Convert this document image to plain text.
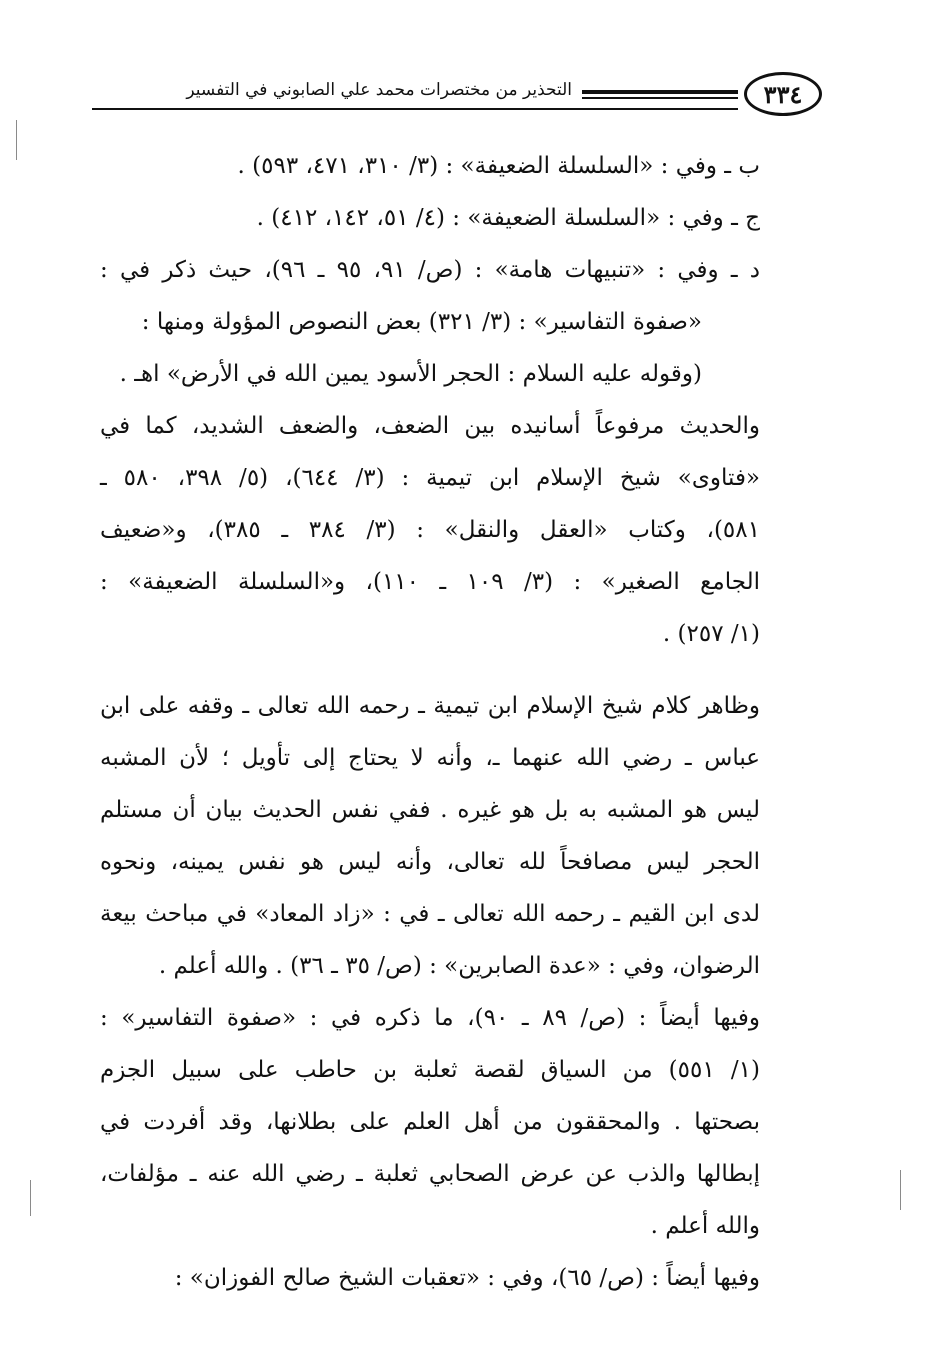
٣٣٤
التحذير من مختصرات محمد علي الصابوني في التفسير
ب ـ وفي : «السلسلة الضعيفة» : (٣/ ٣١٠، ٤٧١، ٥٩٣) .
ج ـ وفي : «السلسلة الضعيفة» : (٤/ ٥١، ١٤٢، ٤١٢) .
د ـ وفي : «تنبيهات هامة» : (ص/ ٩١، ٩٥ ـ ٩٦)، حيث ذكر في :
«صفوة التفاسير» : (٣/ ٣٢١) بعض النصوص المؤولة ومنها :
(وقوله عليه السلام : الحجر الأسود يمين الله في الأرض» اهـ .
والحديث مرفوعاً أسانيده بين الضعف، والضعف الشديد، كما في
«فتاوى» شيخ الإسلام ابن تيمية : (٣/ ٦٤٤)، (٥/ ٣٩٨، ٥٨٠ ـ
٥٨١)، وكتاب «العقل والنقل» : (٣/ ٣٨٤ ـ ٣٨٥)، و«ضعيف
الجامع الصغير» : (٣/ ١٠٩ ـ ١١٠)، و«السلسلة الضعيفة» :
(١/ ٢٥٧) .
وظاهر كلام شيخ الإسلام ابن تيمية ـ رحمه الله تعالى ـ وقفه على ابن
عباس ـ رضي الله عنهما ـ، وأنه لا يحتاج إلى تأويل ؛ لأن المشبه
ليس هو المشبه به بل هو غيره . ففي نفس الحديث بيان أن مستلم
الحجر ليس مصافحاً لله تعالى، وأنه ليس هو نفس يمينه، ونحوه
لدى ابن القيم ـ رحمه الله تعالى ـ في : «زاد المعاد» في مباحث بيعة
الرضوان، وفي : «عدة الصابرين» : (ص/ ٣٥ ـ ٣٦) . والله أعلم .
وفيها أيضاً : (ص/ ٨٩ ـ ٩٠)، ما ذكره في : «صفوة التفاسير» :
(١/ ٥٥١) من السياق لقصة ثعلبة بن حاطب على سبيل الجزم
بصحتها . والمحققون من أهل العلم على بطلانها، وقد أفردت في
إبطالها والذب عن عرض الصحابي ثعلبة ـ رضي الله عنه ـ مؤلفات،
والله أعلم .
وفيها أيضاً : (ص/ ٦٥)، وفي : «تعقبات الشيخ صالح الفوزان» :
